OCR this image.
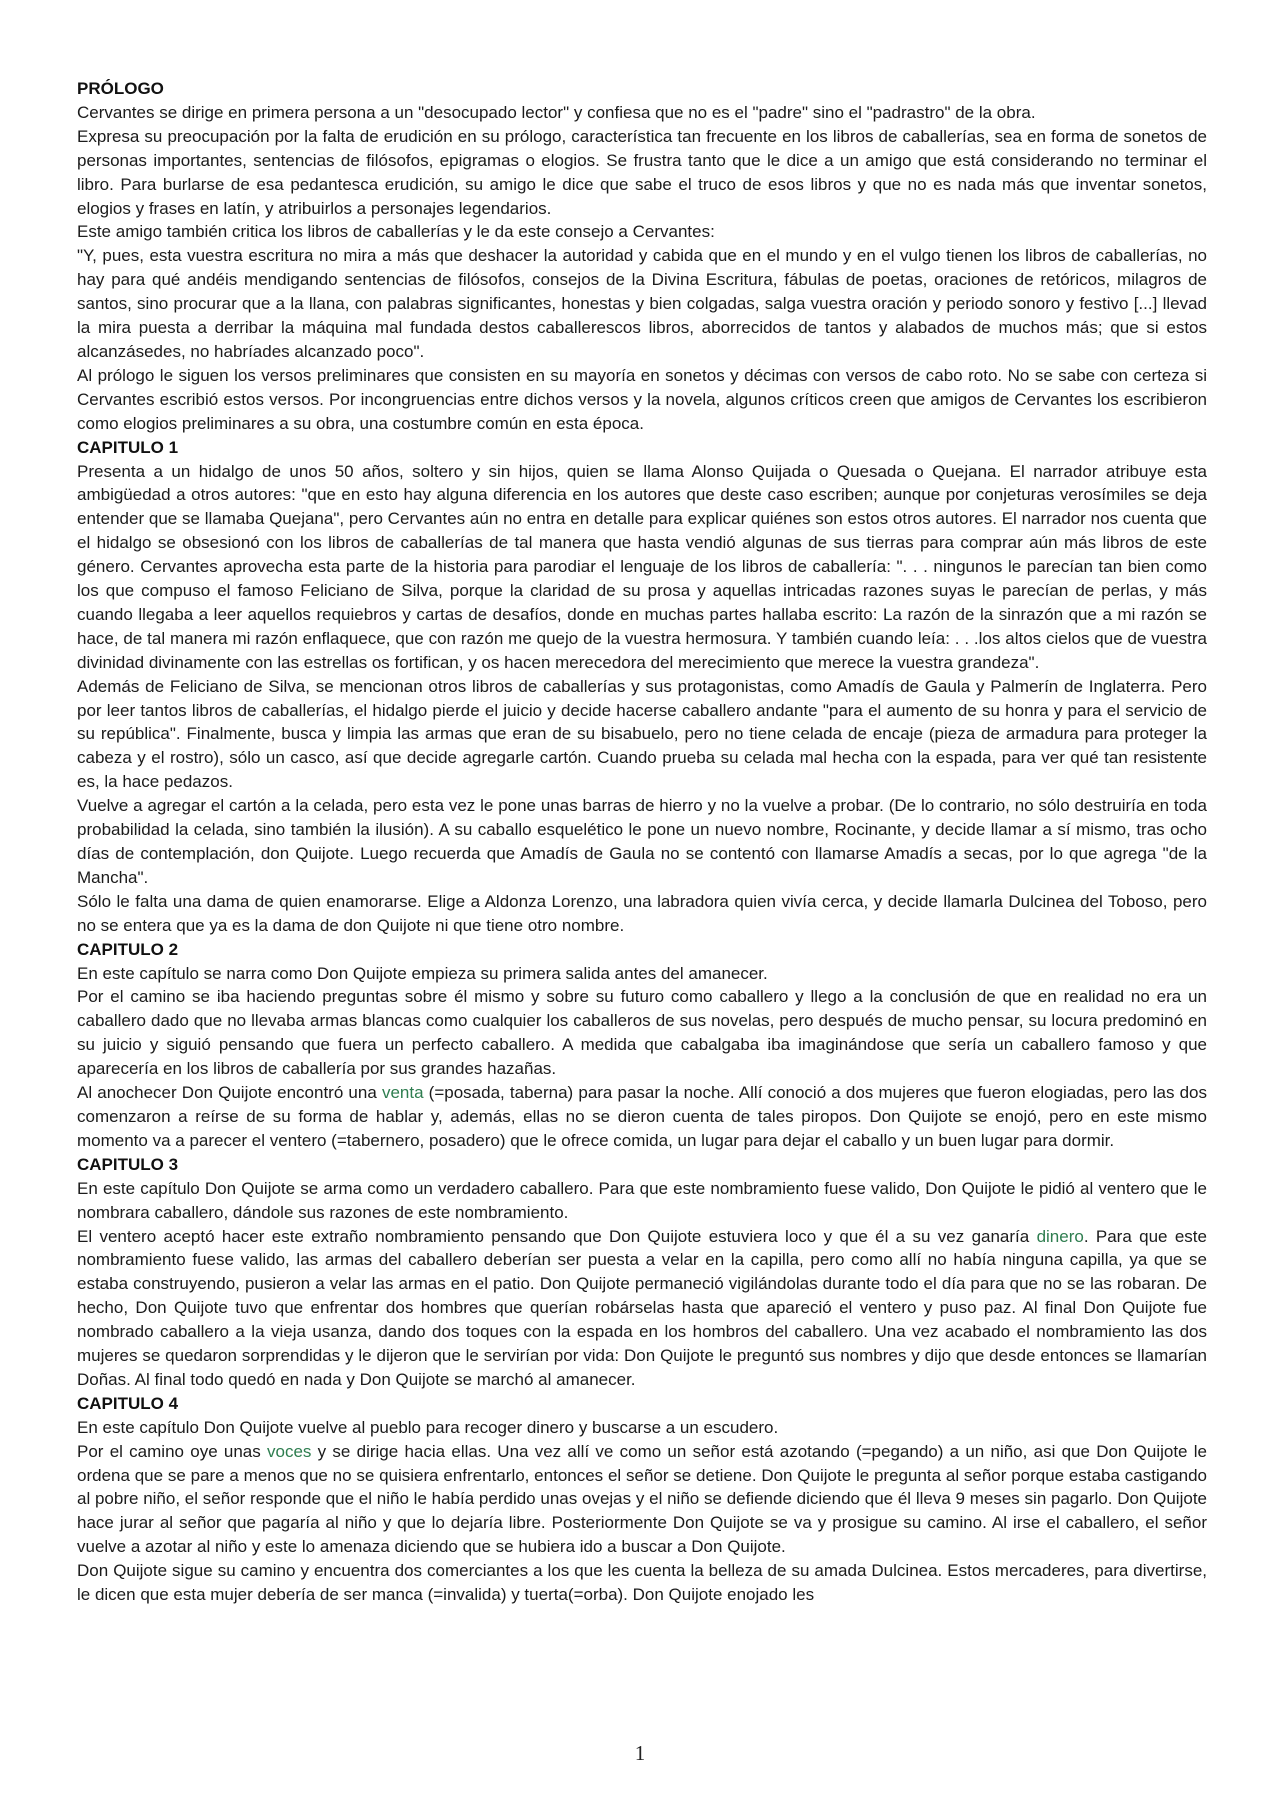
PRÓLOGO

Cervantes se dirige en primera persona a un "desocupado lector" y confiesa que no es el "padre" sino el "padrastro" de la obra.

Expresa su preocupación por la falta de erudición en su prólogo, característica tan frecuente en los libros de caballerías, sea en forma de sonetos de personas importantes, sentencias de filósofos, epigramas o elogios. Se frustra tanto que le dice a un amigo que está considerando no terminar el libro. Para burlarse de esa pedantesca erudición, su amigo le dice que sabe el truco de esos libros y que no es nada más que inventar sonetos, elogios y frases en latín, y atribuirlos a personajes legendarios.

Este amigo también critica los libros de caballerías y le da este consejo a Cervantes:

"Y, pues, esta vuestra escritura no mira a más que deshacer la autoridad y cabida que en el mundo y en el vulgo tienen los libros de caballerías, no hay para qué andéis mendigando sentencias de filósofos, consejos de la Divina Escritura, fábulas de poetas, oraciones de retóricos, milagros de santos, sino procurar que a la llana, con palabras significantes, honestas y bien colgadas, salga vuestra oración y periodo sonoro y festivo [...] llevad la mira puesta a derribar la máquina mal fundada destos caballerescos libros, aborrecidos de tantos y alabados de muchos más; que si estos alcanzásedes, no habríades alcanzado poco".

Al prólogo le siguen los versos preliminares que consisten en su mayoría en sonetos y décimas con versos de cabo roto. No se sabe con certeza si Cervantes escribió estos versos. Por incongruencias entre dichos versos y la novela, algunos críticos creen que amigos de Cervantes los escribieron como elogios preliminares a su obra, una costumbre común en esta época.

CAPITULO 1

Presenta a un hidalgo de unos 50 años, soltero y sin hijos, quien se llama Alonso Quijada o Quesada o Quejana. El narrador atribuye esta ambigüedad a otros autores: "que en esto hay alguna diferencia en los autores que deste caso escriben; aunque por conjeturas verosímiles se deja entender que se llamaba Quejana", pero Cervantes aún no entra en detalle para explicar quiénes son estos otros autores. El narrador nos cuenta que el hidalgo se obsesionó con los libros de caballerías de tal manera que hasta vendió algunas de sus tierras para comprar aún más libros de este género. Cervantes aprovecha esta parte de la historia para parodiar el lenguaje de los libros de caballería: ". . . ningunos le parecían tan bien como los que compuso el famoso Feliciano de Silva, porque la claridad de su prosa y aquellas intricadas razones suyas le parecían de perlas, y más cuando llegaba a leer aquellos requiebros y cartas de desafíos, donde en muchas partes hallaba escrito: La razón de la sinrazón que a mi razón se hace, de tal manera mi razón enflaquece, que con razón me quejo de la vuestra hermosura. Y también cuando leía: . . .los altos cielos que de vuestra divinidad divinamente con las estrellas os fortifican, y os hacen merecedora del merecimiento que merece la vuestra grandeza".

Además de Feliciano de Silva, se mencionan otros libros de caballerías y sus protagonistas, como Amadís de Gaula y Palmerín de Inglaterra. Pero por leer tantos libros de caballerías, el hidalgo pierde el juicio y decide hacerse caballero andante "para el aumento de su honra y para el servicio de su república". Finalmente, busca y limpia las armas que eran de su bisabuelo, pero no tiene celada de encaje (pieza de armadura para proteger la cabeza y el rostro), sólo un casco, así que decide agregarle cartón. Cuando prueba su celada mal hecha con la espada, para ver qué tan resistente es, la hace pedazos.

Vuelve a agregar el cartón a la celada, pero esta vez le pone unas barras de hierro y no la vuelve a probar. (De lo contrario, no sólo destruiría en toda probabilidad la celada, sino también la ilusión). A su caballo esquelético le pone un nuevo nombre, Rocinante, y decide llamar a sí mismo, tras ocho días de contemplación, don Quijote. Luego recuerda que Amadís de Gaula no se contentó con llamarse Amadís a secas, por lo que agrega "de la Mancha".

Sólo le falta una dama de quien enamorarse. Elige a Aldonza Lorenzo, una labradora quien vivía cerca, y decide llamarla Dulcinea del Toboso, pero no se entera que ya es la dama de don Quijote ni que tiene otro nombre.

CAPITULO 2

En este capítulo se narra como Don Quijote empieza su primera salida antes del amanecer.

Por el camino se iba haciendo preguntas sobre él mismo y sobre su futuro como caballero y llego a la conclusión de que en realidad no era un caballero dado que no llevaba armas blancas como cualquier los caballeros de sus novelas, pero después de mucho pensar, su locura predominó en su juicio y siguió pensando que fuera un perfecto caballero. A medida que cabalgaba iba imaginándose que sería un caballero famoso y que aparecería en los libros de caballería por sus grandes hazañas.

Al anochecer Don Quijote encontró una venta (=posada, taberna) para pasar la noche. Allí conoció a dos mujeres que fueron elogiadas, pero las dos comenzaron a reírse de su forma de hablar y, además, ellas no se dieron cuenta de tales piropos. Don Quijote se enojó, pero en este mismo momento va a parecer el ventero (=tabernero, posadero) que le ofrece comida, un lugar para dejar el caballo y un buen lugar para dormir.

CAPITULO 3

En este capítulo Don Quijote se arma como un verdadero caballero. Para que este nombramiento fuese valido, Don Quijote le pidió al ventero que le nombrara caballero, dándole sus razones de este nombramiento.

El ventero aceptó hacer este extraño nombramiento pensando que Don Quijote estuviera loco y que él a su vez ganaría dinero. Para que este nombramiento fuese valido, las armas del caballero deberían ser puesta a velar en la capilla, pero como allí no había ninguna capilla, ya que se estaba construyendo, pusieron a velar las armas en el patio. Don Quijote permaneció vigilándolas durante todo el día para que no se las robaran. De hecho, Don Quijote tuvo que enfrentar dos hombres que querían robárselas hasta que apareció el ventero y puso paz. Al final Don Quijote fue nombrado caballero a la vieja usanza, dando dos toques con la espada en los hombros del caballero. Una vez acabado el nombramiento las dos mujeres se quedaron sorprendidas y le dijeron que le servirían por vida: Don Quijote le preguntó sus nombres y dijo que desde entonces se llamarían Doñas. Al final todo quedó en nada y Don Quijote se marchó al amanecer.

CAPITULO 4

En este capítulo Don Quijote vuelve al pueblo para recoger dinero y buscarse a un escudero.

Por el camino oye unas voces y se dirige hacia ellas. Una vez allí ve como un señor está azotando (=pegando) a un niño, asi que Don Quijote le ordena que se pare a menos que no se quisiera enfrentarlo, entonces el señor se detiene. Don Quijote le pregunta al señor porque estaba castigando al pobre niño, el señor responde que el niño le había perdido unas ovejas y el niño se defiende diciendo que él lleva 9 meses sin pagarlo. Don Quijote hace jurar al señor que pagaría al niño y que lo dejaría libre. Posteriormente Don Quijote se va y prosigue su camino. Al irse el caballero, el señor vuelve a azotar al niño y este lo amenaza diciendo que se hubiera ido a buscar a Don Quijote.

Don Quijote sigue su camino y encuentra dos comerciantes a los que les cuenta la belleza de su amada Dulcinea. Estos mercaderes, para divertirse, le dicen que esta mujer debería de ser manca (=invalida) y tuerta(=orba). Don Quijote enojado les

1
